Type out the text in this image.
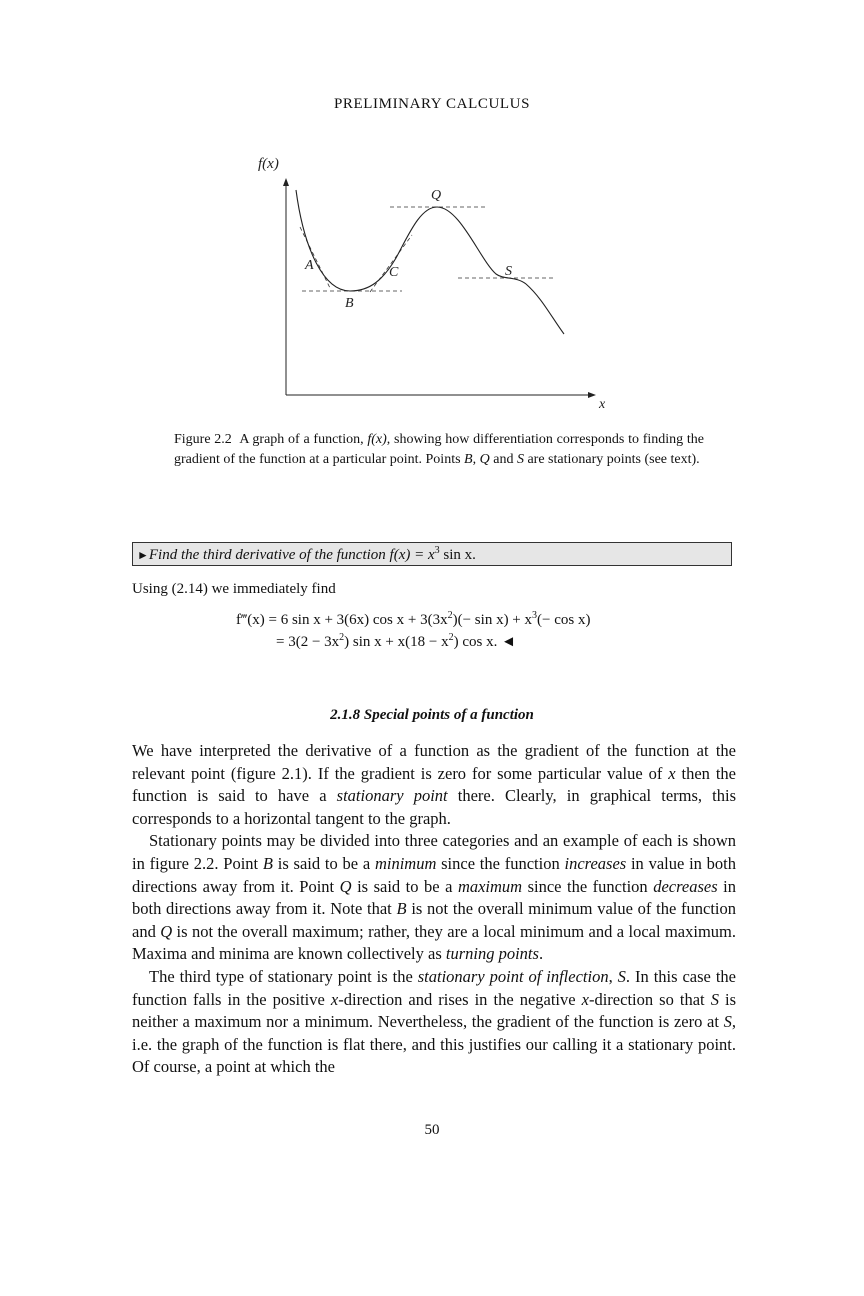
PRELIMINARY CALCULUS
f(x)
x
Q
A	C
B
S
Figure 2.2 A graph of a function, f(x), showing how differentiation corresponds to finding the gradient of the function at a particular point. Points B, Q and S are stationary points (see text).
►Find the third derivative of the function $f(x) = x^3$ sin x.
Using (2.14) we immediately find
f‴(x) = 6 sin x + 3(6x) $\cos x + 3(3x^2)(- \sin x) + x^3(- \cos x)$
= $3(2 - 3x^2)$ $\sin x + x(18 - x^2)$ cos x. ◄
2.1.8 Special points of a function

We have interpreted the derivative of a function as the gradient of the function at the relevant point (figure 2.1). If the gradient is zero for some particular value of x then the function is said to have a stationary point there. Clearly, in graphical terms, this corresponds to a horizontal tangent to the graph.

Stationary points may be divided into three categories and an example of each is shown in figure 2.2. Point B is said to be a minimum since the function increases in value in both directions away from it. Point Q is said to be a maximum since the function decreases in both directions away from it. Note that B is not the overall minimum value of the function and Q is not the overall maximum; rather, they are a local minimum and a local maximum. Maxima and minima are known collectively as turning points.

The third type of stationary point is the stationary point of inflection, S. In this case the function falls in the positive x-direction and rises in the negative x-direction so that S is neither a maximum nor a minimum. Nevertheless, the gradient of the function is zero at S, i.e. the graph of the function is flat there, and this justifies our calling it a stationary point. Of course, a point at which the

50
